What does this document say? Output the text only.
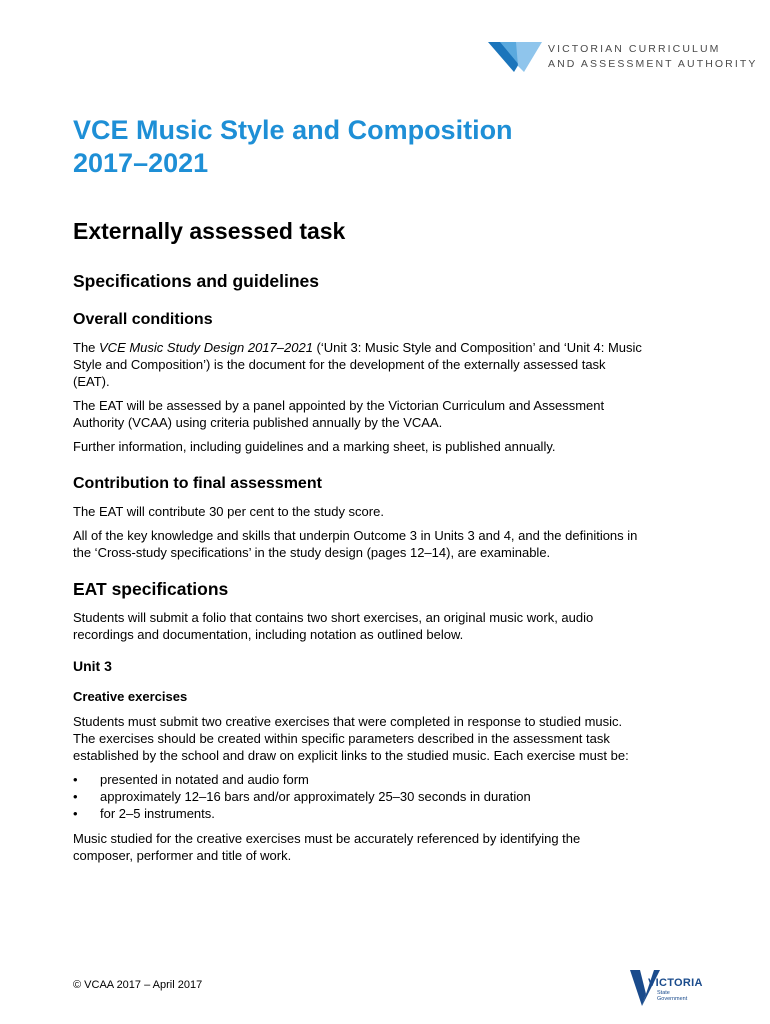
VICTORIAN CURRICULUM
AND ASSESSMENT AUTHORITY
VCE Music Style and Composition
2017–2021
Externally assessed task
Specifications and guidelines
Overall conditions
The VCE Music Study Design 2017–2021 (‘Unit 3: Music Style and Composition’ and ‘Unit 4: Music
Style and Composition’) is the document for the development of the externally assessed task
(EAT).
The EAT will be assessed by a panel appointed by the Victorian Curriculum and Assessment
Authority (VCAA) using criteria published annually by the VCAA.
Further information, including guidelines and a marking sheet, is published annually.
Contribution to final assessment
The EAT will contribute 30 per cent to the study score.
All of the key knowledge and skills that underpin Outcome 3 in Units 3 and 4, and the definitions in
the ‘Cross-study specifications’ in the study design (pages 12–14), are examinable.
EAT specifications
Students will submit a folio that contains two short exercises, an original music work, audio
recordings and documentation, including notation as outlined below.
Unit 3
Creative exercises
Students must submit two creative exercises that were completed in response to studied music.
The exercises should be created within specific parameters described in the assessment task
established by the school and draw on explicit links to the studied music. Each exercise must be:
•	presented in notated and audio form
•	approximately 12–16 bars and/or approximately 25–30 seconds in duration
•	for 2–5 instruments.
Music studied for the creative exercises must be accurately referenced by identifying the
composer, performer and title of work.
© VCAA 2017 – April 2017	VICTORIA
State
Government
